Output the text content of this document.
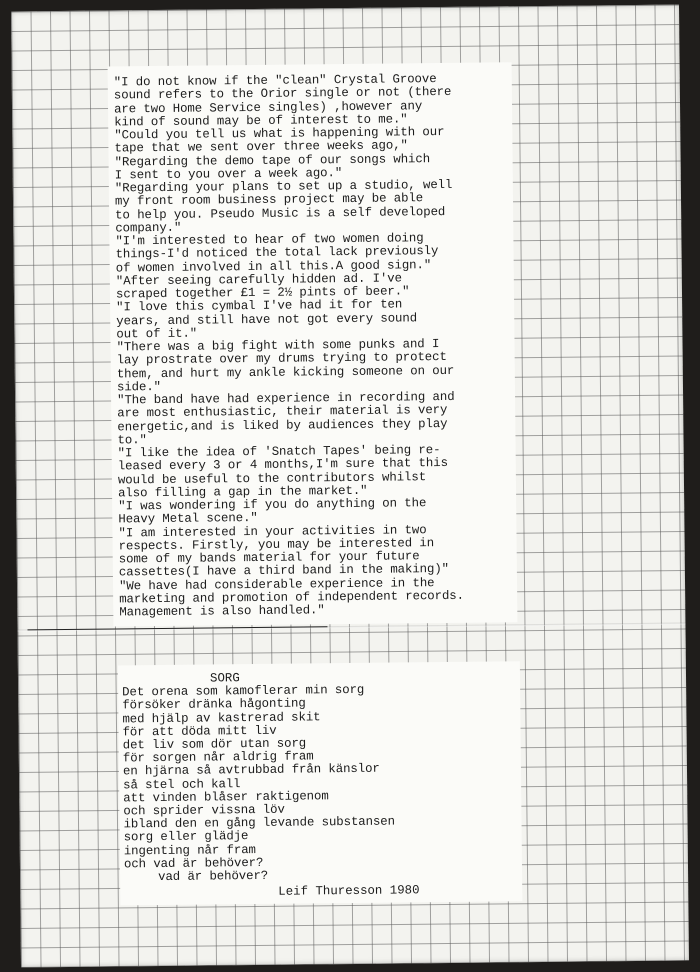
"I do not know if the "clean" Crystal Groove
sound refers to the Orior single or not (there
are two Home Service singles) ,however any
kind of sound may be of interest to me."
"Could you tell us what is happening with our
tape that we sent over three weeks ago,"
"Regarding the demo tape of our songs which
I sent to you over a week ago."
"Regarding your plans to set up a studio, well
my front room business project may be able
to help you. Pseudo Music is a self developed
company."
"I'm interested to hear of two women doing
things-I'd noticed the total lack previously
of women involved in all this.A good sign."
"After seeing carefully hidden ad. I've
scraped together £1 = 2½ pints of beer."
"I love this cymbal I've had it for ten
years, and still have not got every sound
out of it."
"There was a big fight with some punks and I
lay prostrate over my drums trying to protect
them, and hurt my ankle kicking someone on our
side."
"The band have had experience in recording and
are most enthusiastic, their material is very
energetic,and is liked by audiences they play
to."
"I like the idea of 'Snatch Tapes' being re-
leased every 3 or 4 months,I'm sure that this
would be useful to the contributors whilst
also filling a gap in the market."
"I was wondering if you do anything on the
Heavy Metal scene."
"I am interested in your activities in two
respects. Firstly, you may be interested in
some of my bands material for your future
cassettes(I have a third band in the making)"
"We have had considerable experience in the
marketing and promotion of independent records.
Management is also handled."
SORG
Det orena som kamoflerar min sorg
försöker dränka hågonting
med hjälp av kastrerad skit
för att döda mitt liv
det liv som dör utan sorg
för sorgen når aldrig fram
en hjärna så avtrubbad från känslor
så stel och kall
att vinden blåser raktigenom
och sprider vissna löv
ibland den en gång levande substansen
sorg eller glädje
ingenting når fram
och vad är behöver?
vad är behöver?
Leif Thuresson 1980
